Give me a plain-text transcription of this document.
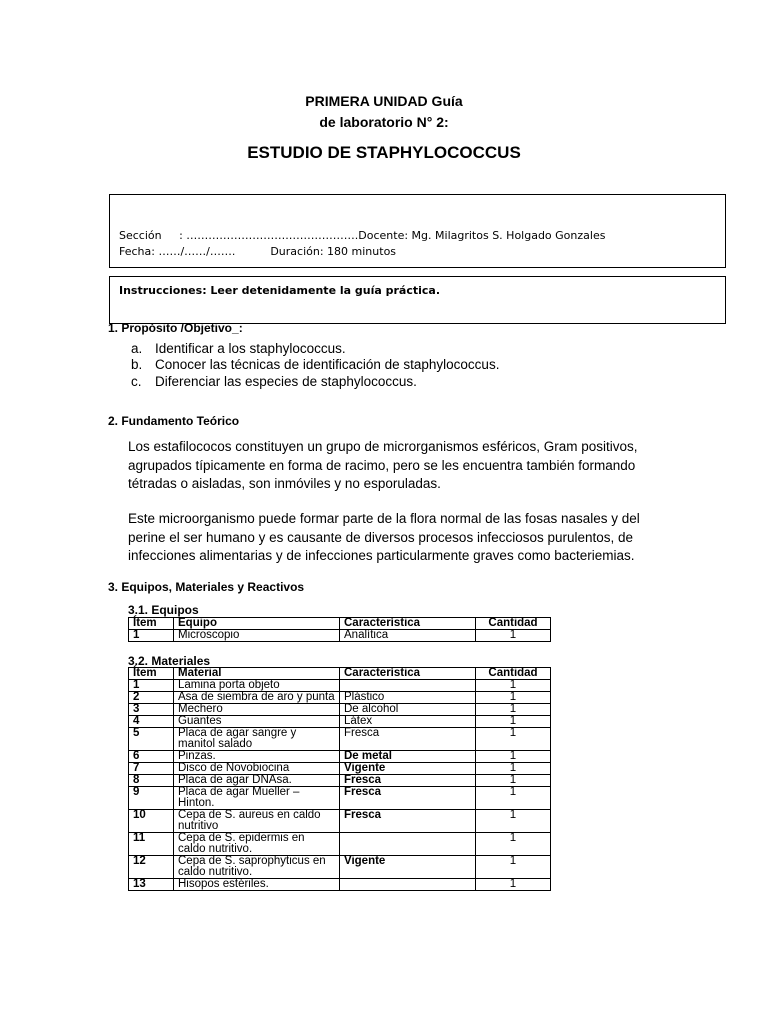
PRIMERA UNIDAD Guía
de laboratorio N° 2:
ESTUDIO DE STAPHYLOCOCCUS
Sección     : ……………………….……………….Docente: Mg. Milagritos S. Holgado Gonzales
Fecha: ……/……/…….          Duración: 180 minutos
Instrucciones: Leer detenidamente la guía práctica.
1. Propósito /Objetivo_:
a. Identificar a los staphylococcus.
b. Conocer las técnicas de identificación de staphylococcus.
c. Diferenciar las especies de staphylococcus.
2. Fundamento Teórico
Los estafilococos constituyen un grupo de microrganismos esféricos, Gram positivos,
agrupados típicamente en forma de racimo, pero se les encuentra también formando
tétradas o aisladas, son inmóviles y no esporuladas.
Este microorganismo puede formar parte de la flora normal de las fosas nasales y del
perine el ser humano y es causante de diversos procesos infecciosos purulentos, de
infecciones alimentarias y de infecciones particularmente graves como bacteriemias.
3. Equipos, Materiales y Reactivos
3.1. Equipos
Ítem	Equipo	Característica	Cantidad
1	Microscopio	Analítica	1
3.2. Materiales
Ítem	Material	Característica	Cantidad
1	Lamina porta objeto		1
2	Asa de siembra de aro y punta	Plástico	1
3	Mechero	De alcohol	1
4	Guantes	Látex	1
5	Placa de agar sangre y manitol salado	Fresca	1
6	Pinzas.	De metal	1
7	Disco de Novobiocina	Vigente	1
8	Placa de agar DNAsa.	Fresca	1
9	Placa de agar Mueller – Hinton.	Fresca	1
10	Cepa de S. aureus en caldo nutritivo	Fresca	1
11	Cepa de S. epidermis en caldo nutritivo.		1
12	Cepa de S. saprophyticus en caldo nutritivo.	Vigente	1
13	Hisopos estériles.		1
